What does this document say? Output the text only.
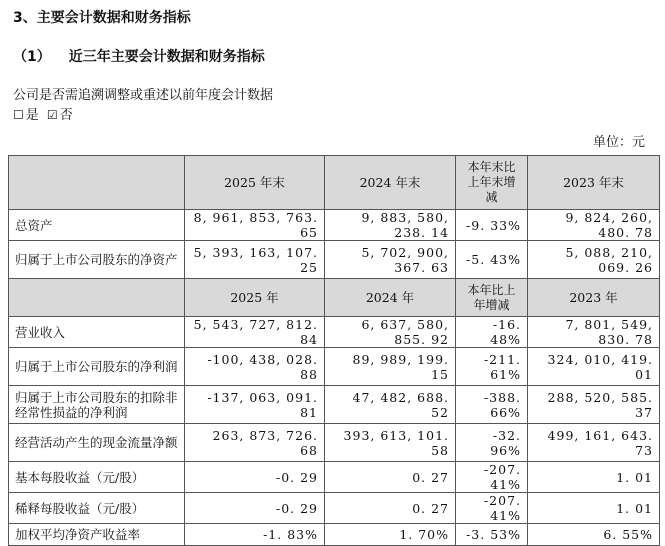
3、主要会计数据和财务指标
（1） 近三年主要会计数据和财务指标
公司是否需追溯调整或重述以前年度会计数据
☐ 是 ☑ 否
单位：元
	2025 年末	2024 年末	本年末比上年末增减	2023 年末
总资产	8, 961, 853, 763. 65	9, 883, 580, 238. 14	-9. 33%	9, 824, 260, 480. 78
归属于上市公司股东的净资产	5, 393, 163, 107. 25	5, 702, 900, 367. 63	-5. 43%	5, 088, 210, 069. 26
	2025 年	2024 年	本年比上年增减	2023 年
营业收入	5, 543, 727, 812. 84	6, 637, 580, 855. 92	-16. 48%	7, 801, 549, 830. 78
归属于上市公司股东的净利润	-100, 438, 028. 88	89, 989, 199. 15	-211. 61%	324, 010, 419. 01
归属于上市公司股东的扣除非经常性损益的净利润	-137, 063, 091. 81	47, 482, 688. 52	-388. 66%	288, 520, 585. 37
经营活动产生的现金流量净额	263, 873, 726. 68	393, 613, 101. 58	-32. 96%	499, 161, 643. 73
基本每股收益（元/股）	-0. 29	0. 27	-207. 41%	1. 01
稀释每股收益（元/股）	-0. 29	0. 27	-207. 41%	1. 01
加权平均净资产收益率	-1. 83%	1. 70%	-3. 53%	6. 55%
